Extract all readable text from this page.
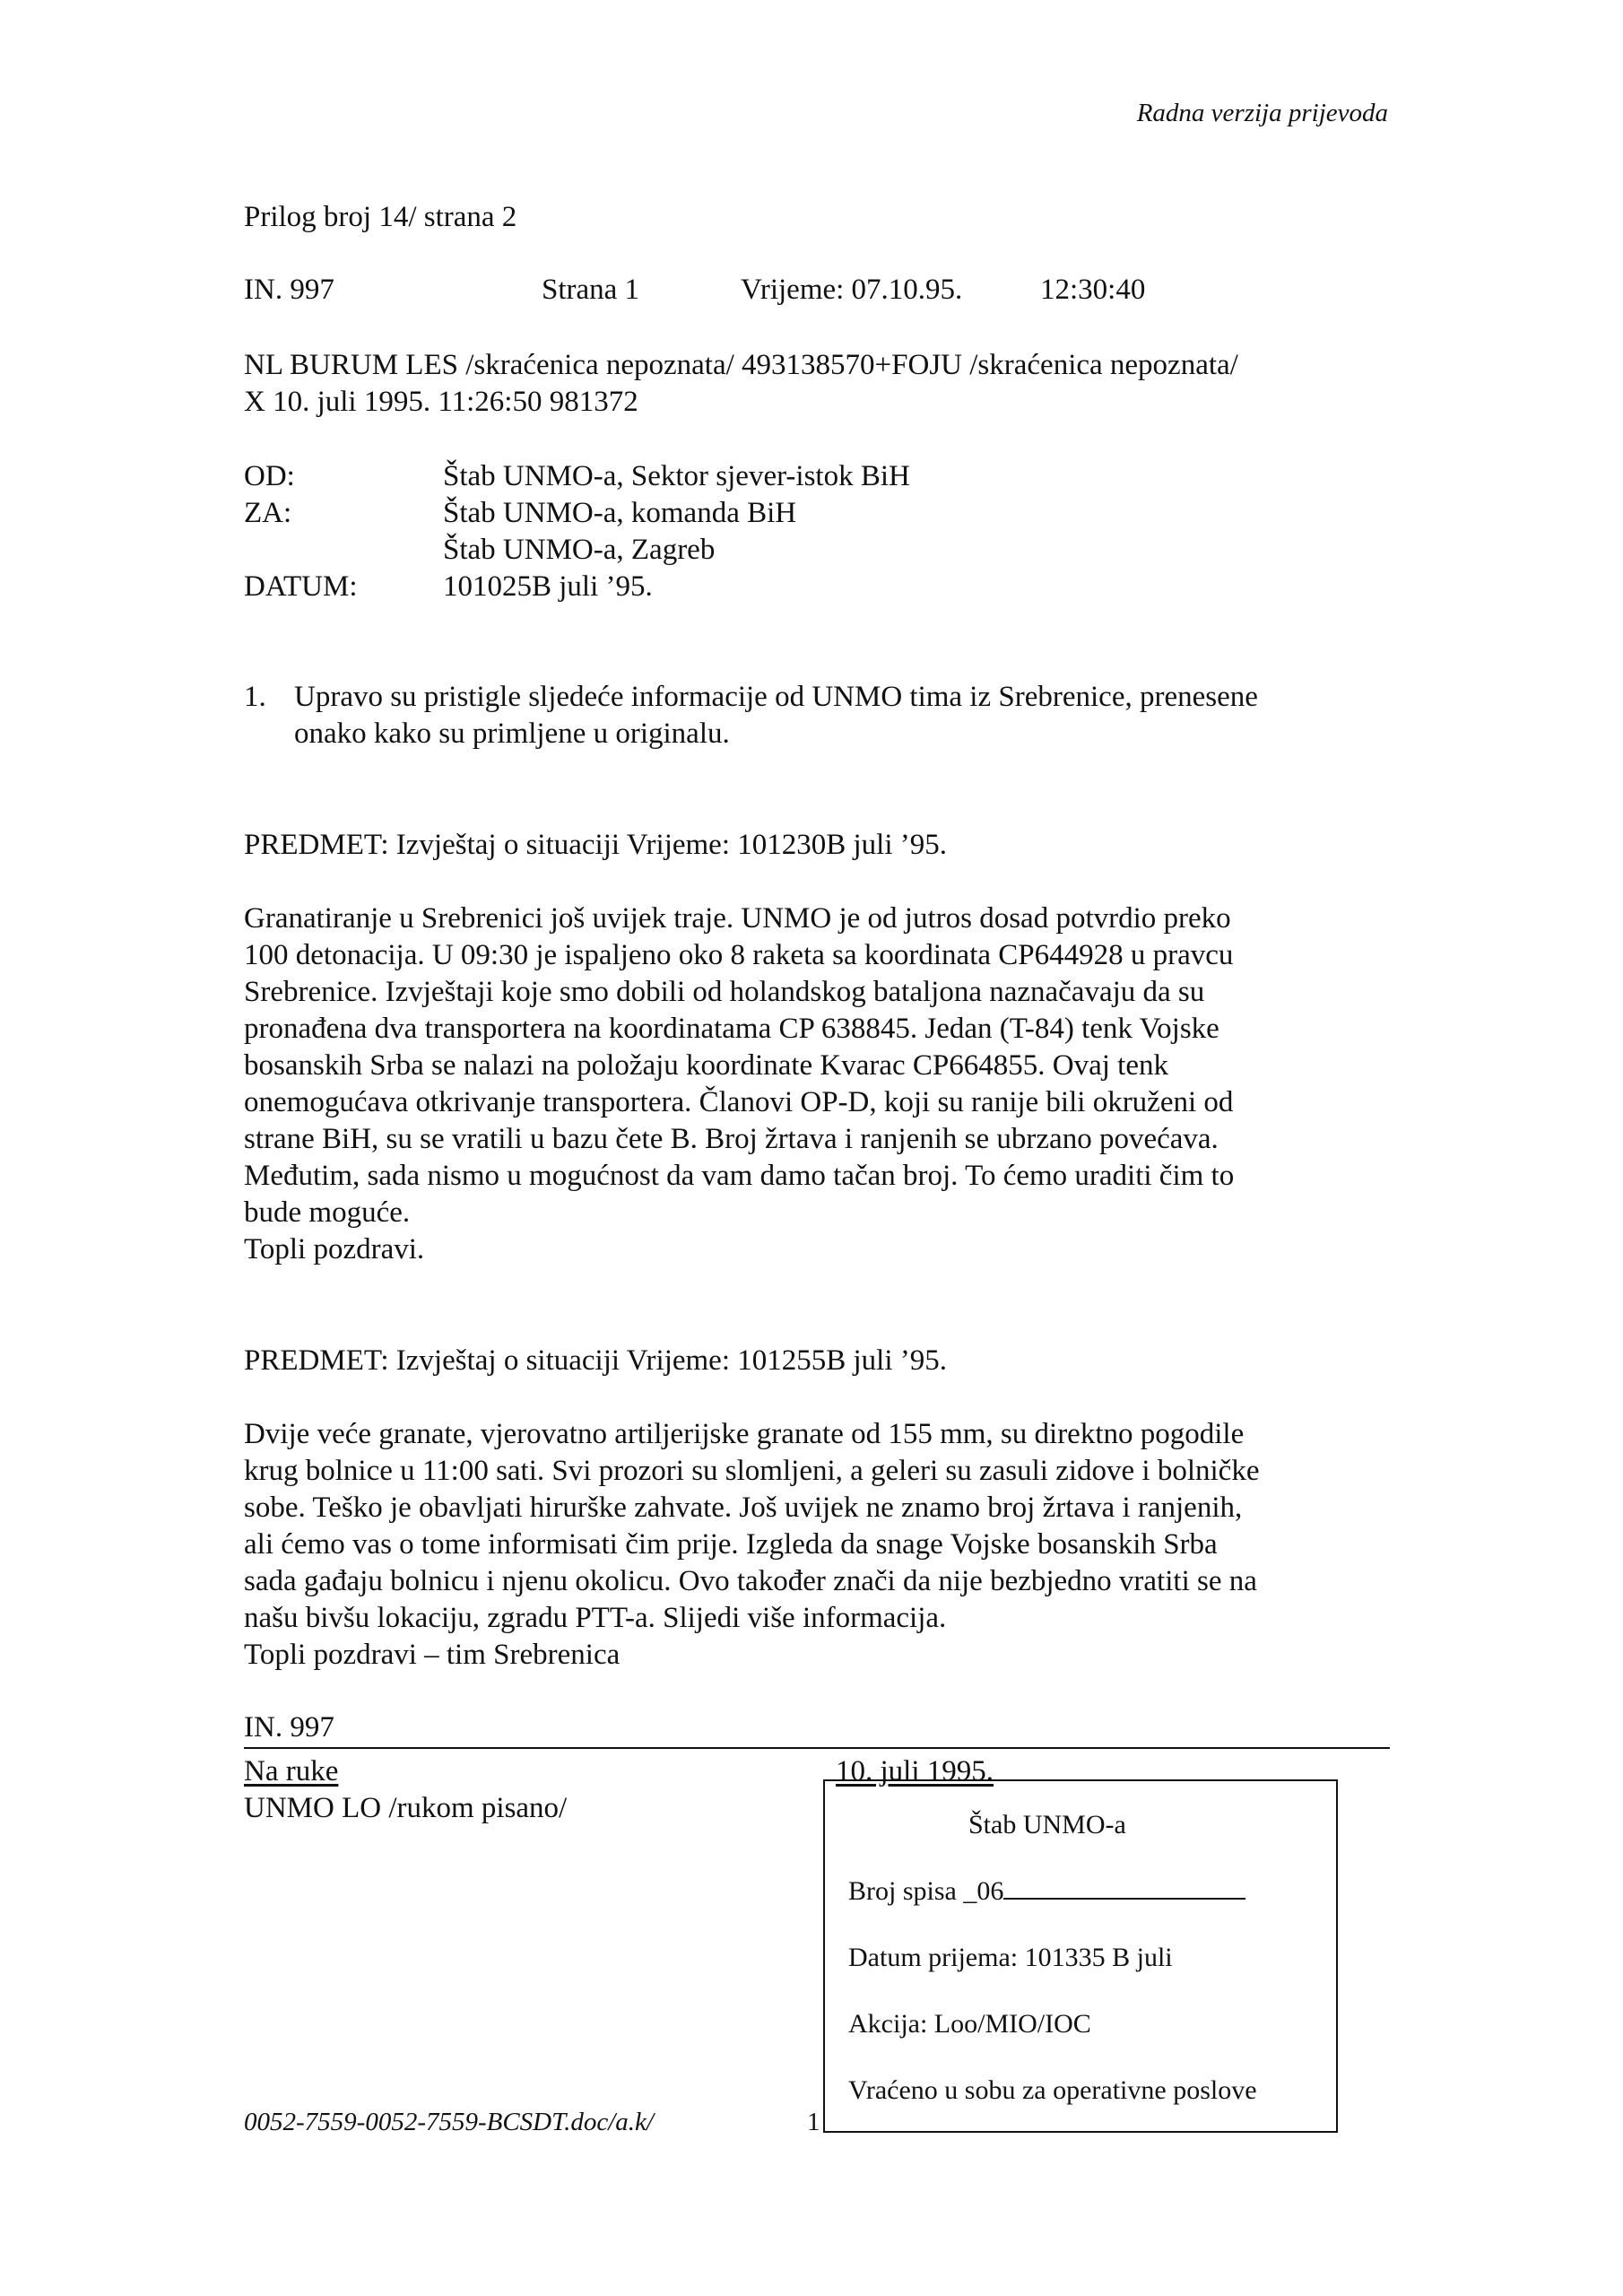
Radna verzija prijevoda
Prilog broj 14/ strana 2
IN. 997	Strana 1	Vrijeme: 07.10.95.	12:30:40
NL BURUM LES /skraćenica nepoznata/ 493138570+FOJU /skraćenica nepoznata/
X 10. juli 1995. 11:26:50 981372
OD:	Štab UNMO-a, Sektor sjever-istok BiH
ZA:	Štab UNMO-a, komanda BiH
Štab UNMO-a, Zagreb
DATUM:	101025B juli ’95.
1. Upravo su pristigle sljedeće informacije od UNMO tima iz Srebrenice, prenesene
onako kako su primljene u originalu.
PREDMET: Izvještaj o situaciji Vrijeme: 101230B juli ’95.
Granatiranje u Srebrenici još uvijek traje. UNMO je od jutros dosad potvrdio preko
100 detonacija. U 09:30 je ispaljeno oko 8 raketa sa koordinata CP644928 u pravcu
Srebrenice. Izvještaji koje smo dobili od holandskog bataljona naznačavaju da su
pronađena dva transportera na koordinatama CP 638845. Jedan (T-84) tenk Vojske
bosanskih Srba se nalazi na položaju koordinate Kvarac CP664855. Ovaj tenk
onemogućava otkrivanje transportera. Članovi OP-D, koji su ranije bili okruženi od
strane BiH, su se vratili u bazu čete B. Broj žrtava i ranjenih se ubrzano povećava.
Međutim, sada nismo u mogućnost da vam damo tačan broj. To ćemo uraditi čim to
bude moguće.
Topli pozdravi.
PREDMET: Izvještaj o situaciji Vrijeme: 101255B juli ’95.
Dvije veće granate, vjerovatno artiljerijske granate od 155 mm, su direktno pogodile
krug bolnice u 11:00 sati. Svi prozori su slomljeni, a geleri su zasuli zidove i bolničke
sobe. Teško je obavljati hirurške zahvate. Još uvijek ne znamo broj žrtava i ranjenih,
ali ćemo vas o tome informisati čim prije. Izgleda da snage Vojske bosanskih Srba
sada gađaju bolnicu i njenu okolicu. Ovo također znači da nije bezbjedno vratiti se na
našu bivšu lokaciju, zgradu PTT-a. Slijedi više informacija.
Topli pozdravi – tim Srebrenica
IN. 997
Na ruke	10. juli 1995.
UNMO LO /rukom pisano/
Štab UNMO-a
Broj spisa _06
Datum prijema: 101335 B juli
Akcija: Loo/MIO/IOC
Vraćeno u sobu za operativne poslove
0052-7559-0052-7559-BCSDT.doc/a.k/	1
